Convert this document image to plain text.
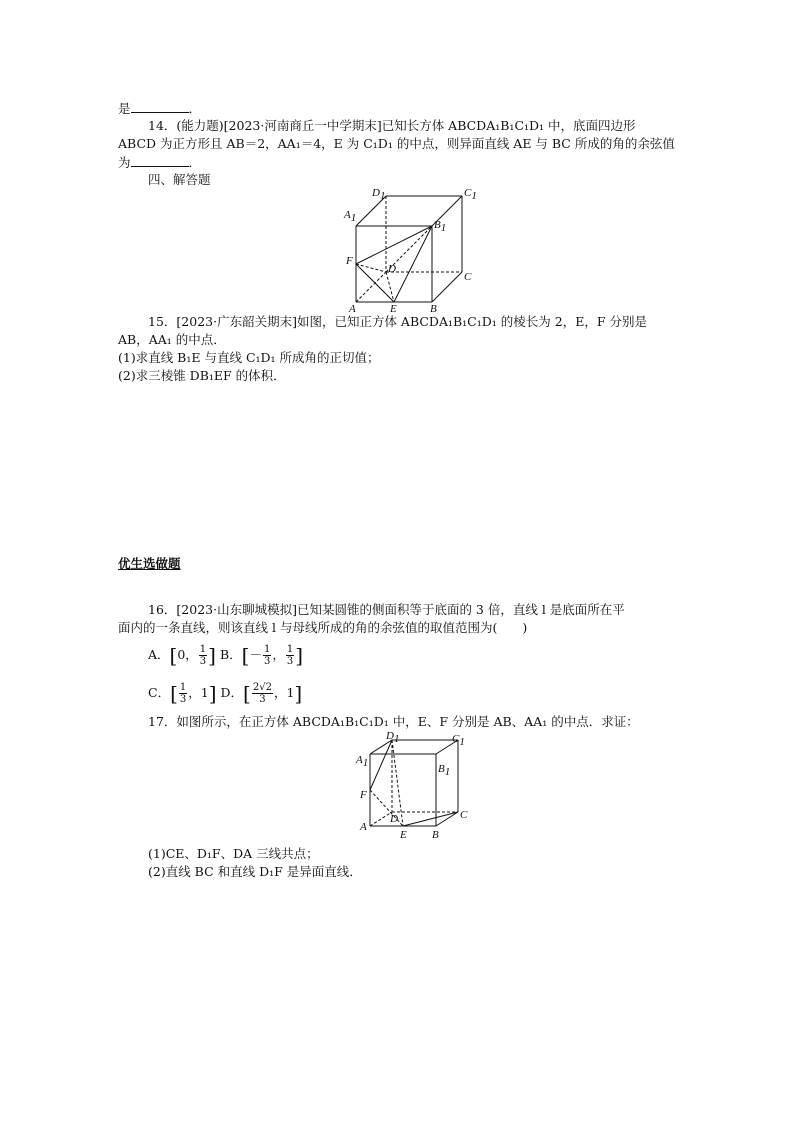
是	．
14．(能力题)[2023·河南商丘一中学期末]已知长方体 ABCDA₁B₁C₁D₁ 中，底面四边形
ABCD 为正方形且 AB＝2，AA₁＝4，E 为 C₁D₁ 的中点，则异面直线 AE 与 BC 所成的角的余弦值
为	．
四、解答题
D1	C1
A1
B1
F
D
C
A	E	B
15．[2023·广东韶关期末]如图，已知正方体 ABCDA₁B₁C₁D₁ 的棱长为 2，E，F 分别是
AB，AA₁ 的中点．
(1)求直线 B₁E 与直线 C₁D₁ 所成角的正切值；
(2)求三棱锥 DB₁EF 的体积．
优生选做题
16．[2023·山东聊城模拟]已知某圆锥的侧面积等于底面的 3 倍，直线 l 是底面所在平
面内的一条直线，则该直线 l 与母线所成的角的余弦值的取值范围为(　　)
A．[0， $\frac{1}{3}$ ] B．[－ $\frac{1}{3}$ ， $\frac{1}{3}$ ]
C．[ $\frac{1}{3}$ ，1] D．[ $\frac{2√2}{3}$ ，1]
17．如图所示，在正方体 ABCDA₁B₁C₁D₁ 中，E、F 分别是 AB、AA₁ 的中点．求证：
D1	C1
A1	B1
F
D	C
A
E B
(1)CE、D₁F、DA 三线共点；
(2)直线 BC 和直线 D₁F 是异面直线．
